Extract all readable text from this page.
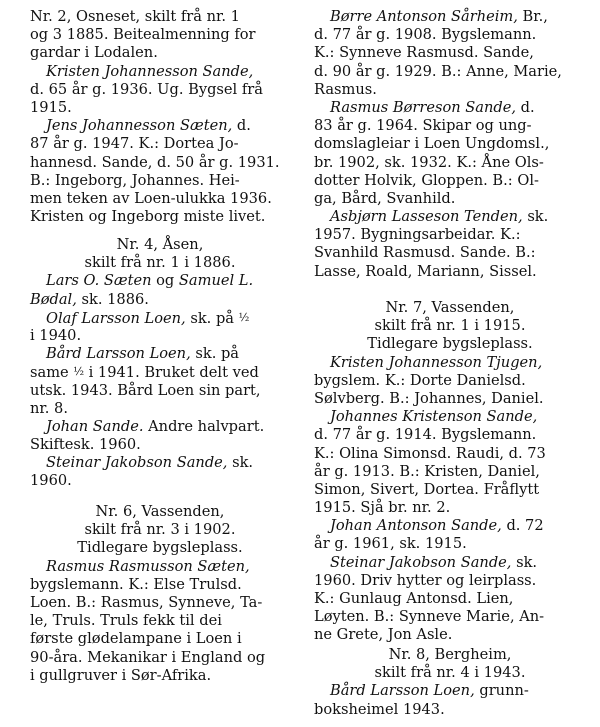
Nr. 2, Osneset, skilt frå nr. 1
og 3 1885. Beitealmenning for
gardar i Lodalen.
Kristen Johannesson Sande,
d. 65 år g. 1936. Ug. Bygsel frå
1915.
Jens Johannesson Sæten, d.
87 år g. 1947. K.: Dortea Jo-
hannesd. Sande, d. 50 år g. 1931.
B.: Ingeborg, Johannes. Hei-
men teken av Loen-ulukka 1936.
Kristen og Ingeborg miste livet.
Nr. 4, Åsen,
skilt frå nr. 1 i 1886.
Lars O. Sæten og Samuel L.
Bødal, sk. 1886.
Olaf Larsson Loen, sk. på ½
i 1940.
Bård Larsson Loen, sk. på
same ½ i 1941. Bruket delt ved
utsk. 1943. Bård Loen sin part,
nr. 8.
Johan Sande. Andre halvpart.
Skiftesk. 1960.
Steinar Jakobson Sande, sk.
1960.
Nr. 6, Vassenden,
skilt frå nr. 3 i 1902.
Tidlegare bygsleplass.
Rasmus Rasmusson Sæten,
bygslemann. K.: Else Trulsd.
Loen. B.: Rasmus, Synneve, Ta-
le, Truls. Truls fekk til dei
første glødelampane i Loen i
90-åra. Mekanikar i England og
i gullgruver i Sør-Afrika.
Børre Antonson Sårheim, Br.,
d. 77 år g. 1908. Bygslemann.
K.: Synneve Rasmusd. Sande,
d. 90 år g. 1929. B.: Anne, Marie,
Rasmus.
Rasmus Børreson Sande, d.
83 år g. 1964. Skipar og ung-
domslagleiar i Loen Ungdomsl.,
br. 1902, sk. 1932. K.: Åne Ols-
dotter Holvik, Gloppen. B.: Ol-
ga, Bård, Svanhild.
Asbjørn Lasseson Tenden, sk.
1957. Bygningsarbeidar. K.:
Svanhild Rasmusd. Sande. B.:
Lasse, Roald, Mariann, Sissel.
Nr. 7, Vassenden,
skilt frå nr. 1 i 1915.
Tidlegare bygsleplass.
Kristen Johannesson Tjugen,
bygslem. K.: Dorte Danielsd.
Sølvberg. B.: Johannes, Daniel.
Johannes Kristenson Sande,
d. 77 år g. 1914. Bygslemann.
K.: Olina Simonsd. Raudi, d. 73
år g. 1913. B.: Kristen, Daniel,
Simon, Sivert, Dortea. Fråflytt
1915. Sjå br. nr. 2.
Johan Antonson Sande, d. 72
år g. 1961, sk. 1915.
Steinar Jakobson Sande, sk.
1960. Driv hytter og leirplass.
K.: Gunlaug Antonsd. Lien,
Løyten. B.: Synneve Marie, An-
ne Grete, Jon Asle.
Nr. 8, Bergheim,
skilt frå nr. 4 i 1943.
Bård Larsson Loen, grunn-
boksheimel 1943.
